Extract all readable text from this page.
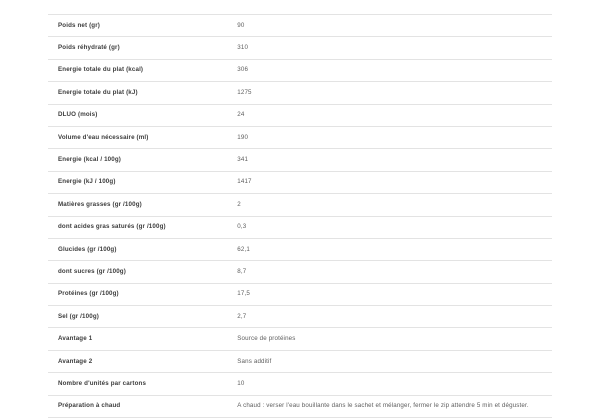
Poids net (gr)	90
Poids réhydraté (gr)	310
Energie totale du plat (kcal)	306
Energie totale du plat (kJ)	1275
DLUO (mois)	24
Volume d'eau nécessaire (ml)	190
Energie (kcal / 100g)	341
Energie (kJ / 100g)	1417
Matières grasses (gr /100g)	2
dont acides gras saturés (gr /100g)	0,3
Glucides (gr /100g)	62,1
dont sucres (gr /100g)	8,7
Protéines (gr /100g)	17,5
Sel (gr /100g)	2,7
Avantage 1	Source de protéines
Avantage 2	Sans additif
Nombre d'unités par cartons	10
Préparation à chaud	A chaud : verser l'eau bouillante dans le sachet et mélanger, fermer le zip attendre 5 min et déguster.
